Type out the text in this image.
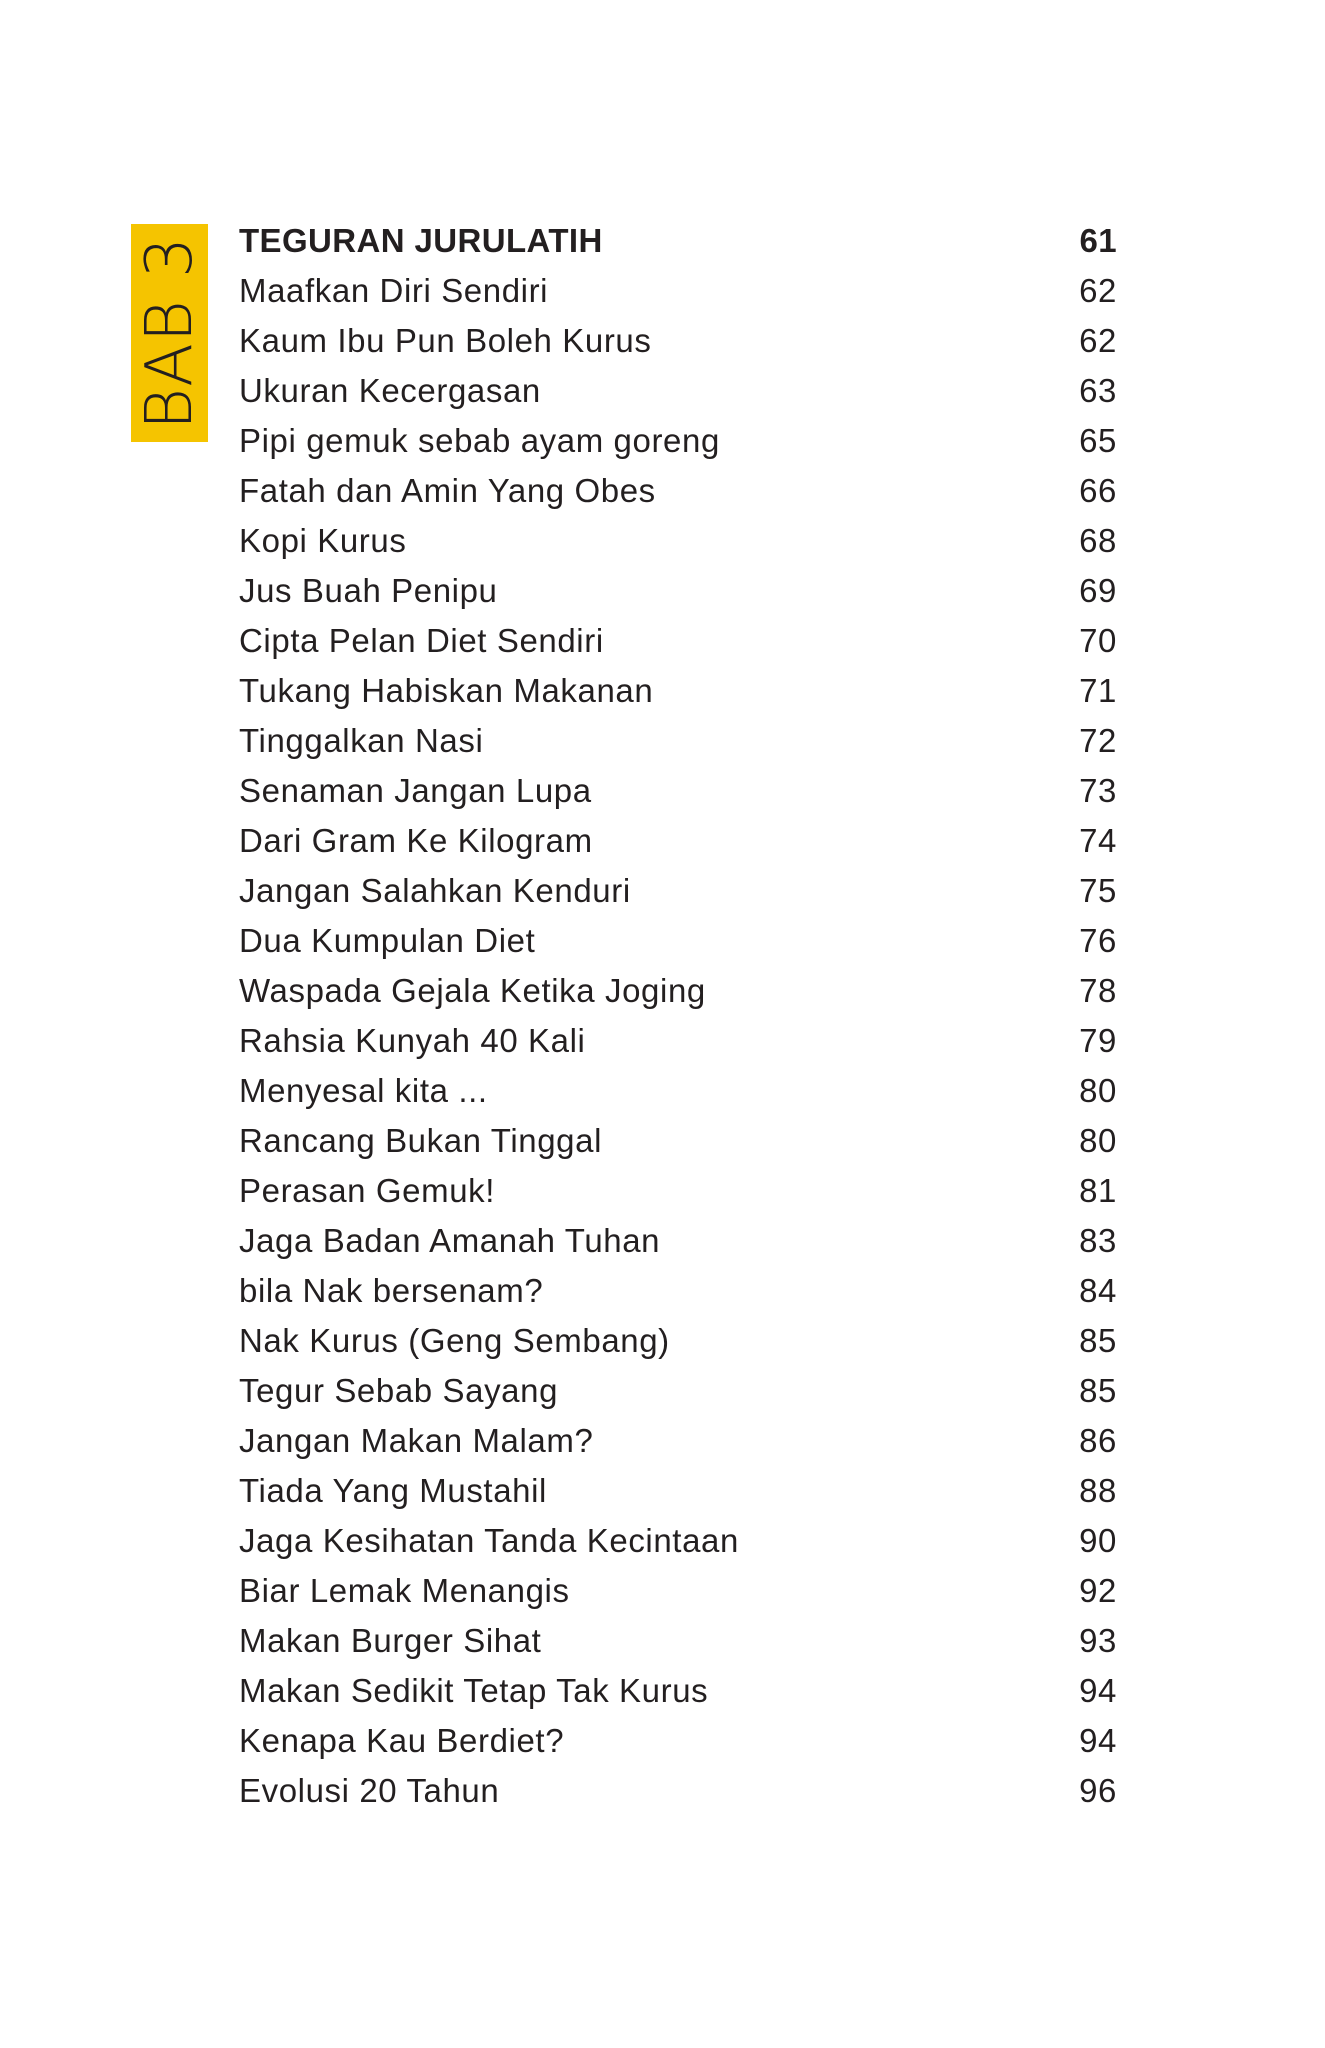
BAB 3 TEGURAN JURULATIH	61
Maafkan Diri Sendiri	62
Kaum Ibu Pun Boleh Kurus	62
Ukuran Kecergasan	63
Pipi gemuk sebab ayam goreng	65
Fatah dan Amin Yang Obes	66
Kopi Kurus	68
Jus Buah Penipu	69
Cipta Pelan Diet Sendiri	70
Tukang Habiskan Makanan	71
Tinggalkan Nasi	72
Senaman Jangan Lupa	73
Dari Gram Ke Kilogram	74
Jangan Salahkan Kenduri	75
Dua Kumpulan Diet	76
Waspada Gejala Ketika Joging	78
Rahsia Kunyah 40 Kali	79
Menyesal kita ...	80
Rancang Bukan Tinggal	80
Perasan Gemuk!	81
Jaga Badan Amanah Tuhan	83
bila Nak bersenam?	84
Nak Kurus (Geng Sembang)	85
Tegur Sebab Sayang	85
Jangan Makan Malam?	86
Tiada Yang Mustahil	88
Jaga Kesihatan Tanda Kecintaan	90
Biar Lemak Menangis	92
Makan Burger Sihat	93
Makan Sedikit Tetap Tak Kurus	94
Kenapa Kau Berdiet?	94
Evolusi 20 Tahun	96
